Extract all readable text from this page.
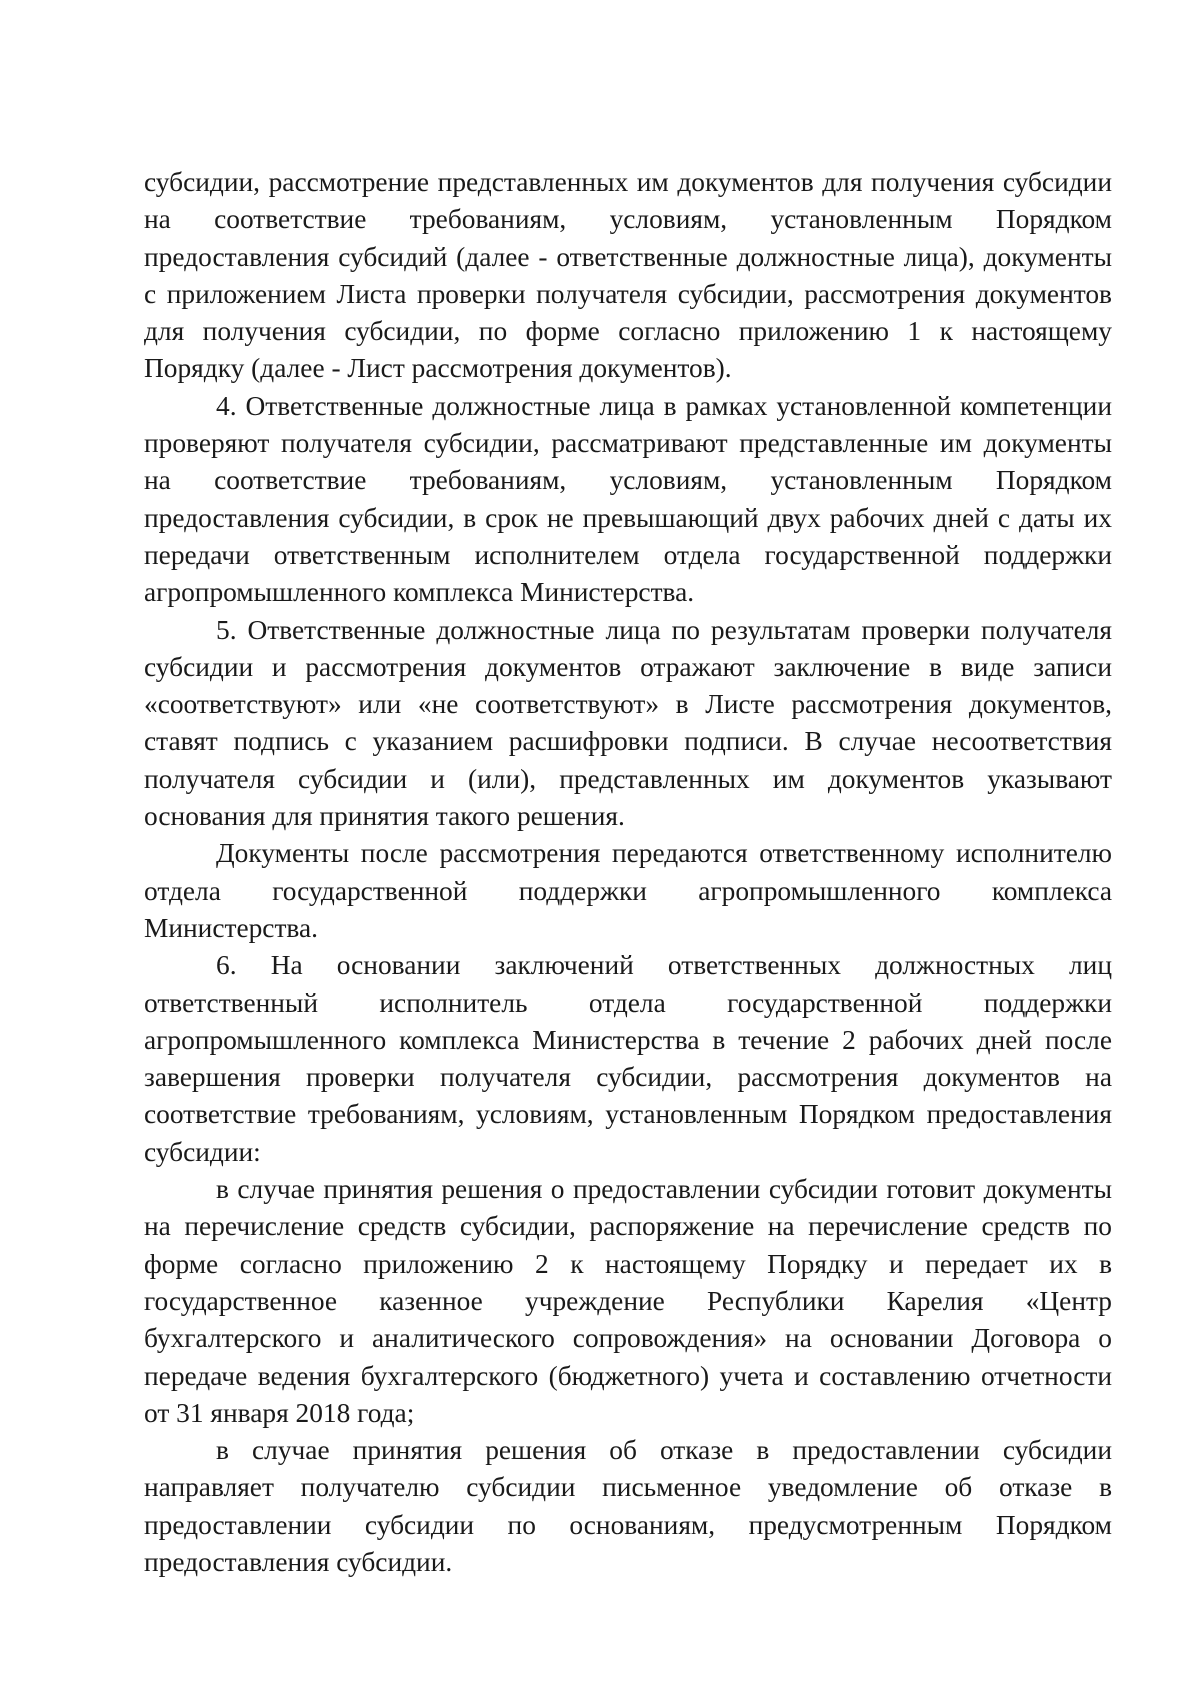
субсидии, рассмотрение представленных им документов для получения субсидии на соответствие требованиям, условиям, установленным Порядком предоставления субсидий (далее - ответственные должностные лица), документы с приложением Листа проверки получателя субсидии, рассмотрения документов для получения субсидии, по форме согласно приложению 1 к настоящему Порядку (далее - Лист рассмотрения документов).

4. Ответственные должностные лица в рамках установленной компетенции проверяют получателя субсидии, рассматривают представленные им документы на соответствие требованиям, условиям, установленным Порядком предоставления субсидии, в срок не превышающий двух рабочих дней с даты их передачи ответственным исполнителем отдела государственной поддержки агропромышленного комплекса Министерства.

5. Ответственные должностные лица по результатам проверки получателя субсидии и рассмотрения документов отражают заключение в виде записи «соответствуют» или «не соответствуют» в Листе рассмотрения документов, ставят подпись с указанием расшифровки подписи. В случае несоответствия получателя субсидии и (или), представленных им документов указывают основания для принятия такого решения.

Документы после рассмотрения передаются ответственному исполнителю отдела государственной поддержки агропромышленного комплекса Министерства.

6. На основании заключений ответственных должностных лиц ответственный исполнитель отдела государственной поддержки агропромышленного комплекса Министерства в течение 2 рабочих дней после завершения проверки получателя субсидии, рассмотрения документов на соответствие требованиям, условиям, установленным Порядком предоставления субсидии:

в случае принятия решения о предоставлении субсидии готовит документы на перечисление средств субсидии, распоряжение на перечисление средств по форме согласно приложению 2 к настоящему Порядку и передает их в государственное казенное учреждение Республики Карелия «Центр бухгалтерского и аналитического сопровождения» на основании Договора о передаче ведения бухгалтерского (бюджетного) учета и составлению отчетности от 31 января 2018 года;

в случае принятия решения об отказе в предоставлении субсидии направляет получателю субсидии письменное уведомление об отказе в предоставлении субсидии по основаниям, предусмотренным Порядком предоставления субсидии.
